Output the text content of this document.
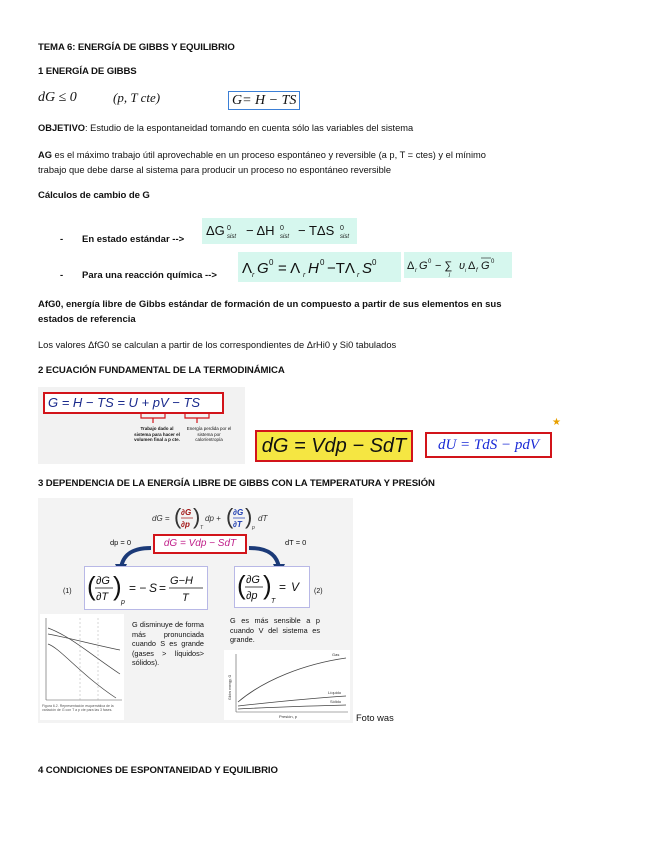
TEMA 6: ENERGÍA DE GIBBS Y EQUILIBRIO
1 ENERGÍA DE GIBBS
dG ≤ 0	(p, T cte)	G= H − TS
OBJETIVO: Estudio de la espontaneidad tomando en cuenta sólo las variables del sistema
AG es el máximo trabajo útil aprovechable en un proceso espontáneo y reversible (a p, T = ctes) y el mínimo
trabajo que debe darse al sistema para producir un proceso no espontáneo reversible
Cálculos de cambio de G
- En estado estándar -->
ΔG 0
sist − ΔH 0
sist − TΔS 0
sist
- Para una reacción química --> Λ r G 0 = Λ r H 0 −TΛ r S 0	Δ r G 0 − ∑
j
υ i Δ f G 0
AfG0, energía libre de Gibbs estándar de formación de un compuesto a partir de sus elementos en sus
estados de referencia
Los valores ΔfG0 se calculan a partir de los correspondientes de ΔrHi0 y Si0 tabulados
2 ECUACIÓN FUNDAMENTAL DE LA TERMODINÁMICA
G = H − TS = U + pV − TS
Trabajo dado al sistema para hacer el volumen final a p cte.
Energía perdida por el sistema por calor/entropía	dG = Vdp − SdT	dU = TdS − pdV
★
3 DEPENDENCIA DE LA ENERGÍA LIBRE DE GIBBS CON LA TEMPERATURA Y PRESIÓN
dG = ( ∂G
∂p ) T
dp + ( ∂G
∂T ) p
dT
dp = 0	dT = 0
dG = Vdp − SdT
(1) ( ∂G
∂T )
p
= − S = G−H
T ( ∂G
∂p )
T
= V (2)
Figura 6.2. Representación esquemática de la variación de G con T a p cte para las 3 fases.
G disminuye de forma más pronunciada cuando S es grande (gases > líquidos> sólidos).
G es más sensible a p cuando V del sistema es grande.
Gas
Líquido
Sólido
Presión, p
Gibbs energy, G
Foto was
4 CONDICIONES DE ESPONTANEIDAD Y EQUILIBRIO
